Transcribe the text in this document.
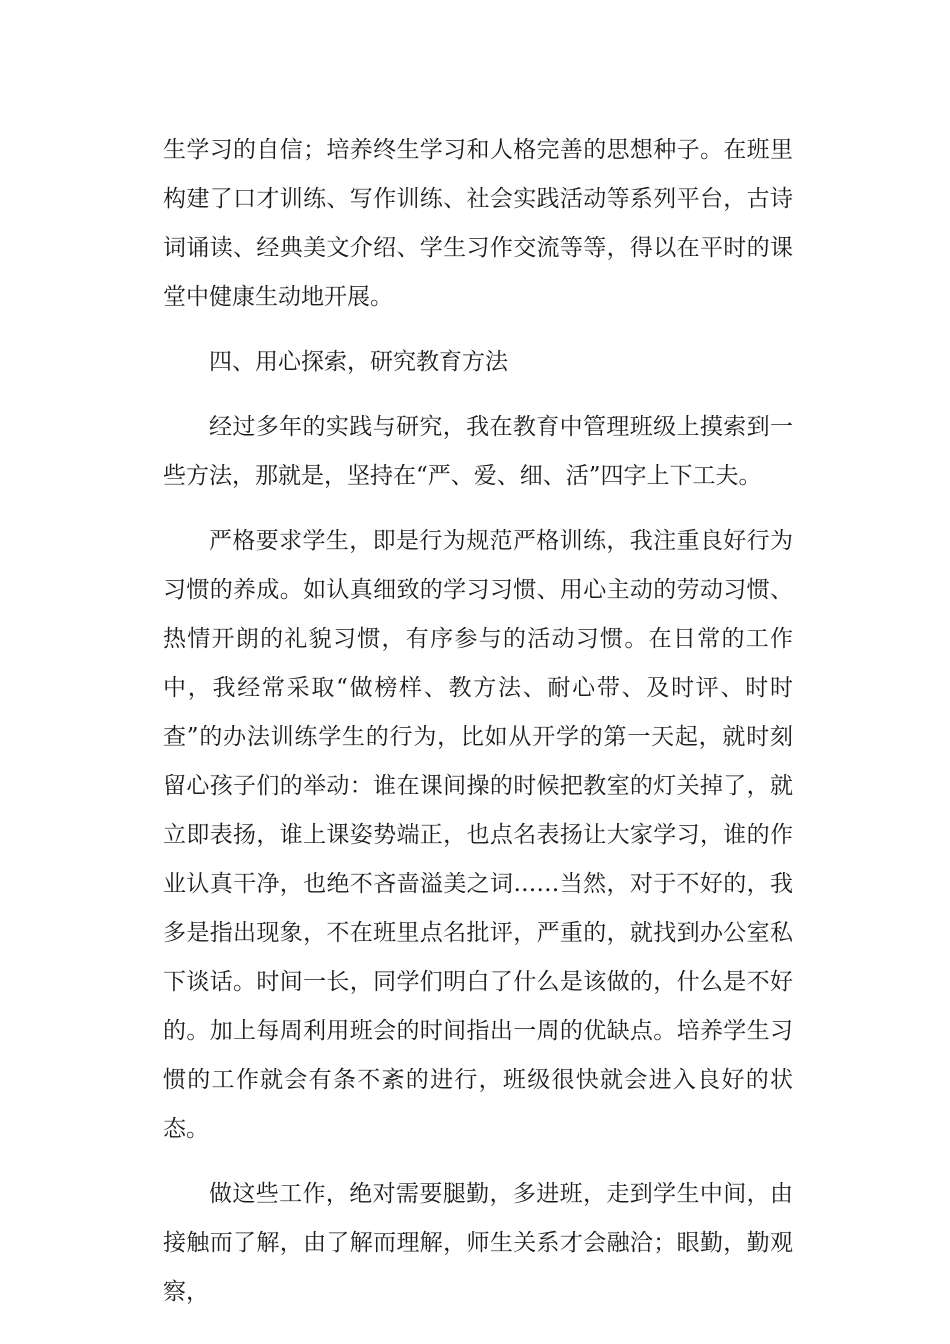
生学习的自信；培养终生学习和人格完善的思想种子。在班里构建了口才训练、写作训练、社会实践活动等系列平台，古诗词诵读、经典美文介绍、学生习作交流等等，得以在平时的课堂中健康生动地开展。

四、用心探索，研究教育方法

经过多年的实践与研究，我在教育中管理班级上摸索到一些方法，那就是，坚持在“严、爱、细、活”四字上下工夫。

严格要求学生，即是行为规范严格训练，我注重良好行为习惯的养成。如认真细致的学习习惯、用心主动的劳动习惯、热情开朗的礼貌习惯，有序参与的活动习惯。在日常的工作中，我经常采取“做榜样、教方法、耐心带、及时评、时时查”的办法训练学生的行为，比如从开学的第一天起，就时刻留心孩子们的举动：谁在课间操的时候把教室的灯关掉了，就立即表扬，谁上课姿势端正，也点名表扬让大家学习，谁的作业认真干净，也绝不吝啬溢美之词……当然，对于不好的，我多是指出现象，不在班里点名批评，严重的，就找到办公室私下谈话。时间一长，同学们明白了什么是该做的，什么是不好的。加上每周利用班会的时间指出一周的优缺点。培养学生习惯的工作就会有条不紊的进行，班级很快就会进入良好的状态。

做这些工作，绝对需要腿勤，多进班，走到学生中间，由接触而了解，由了解而理解，师生关系才会融洽；眼勤，勤观察，
